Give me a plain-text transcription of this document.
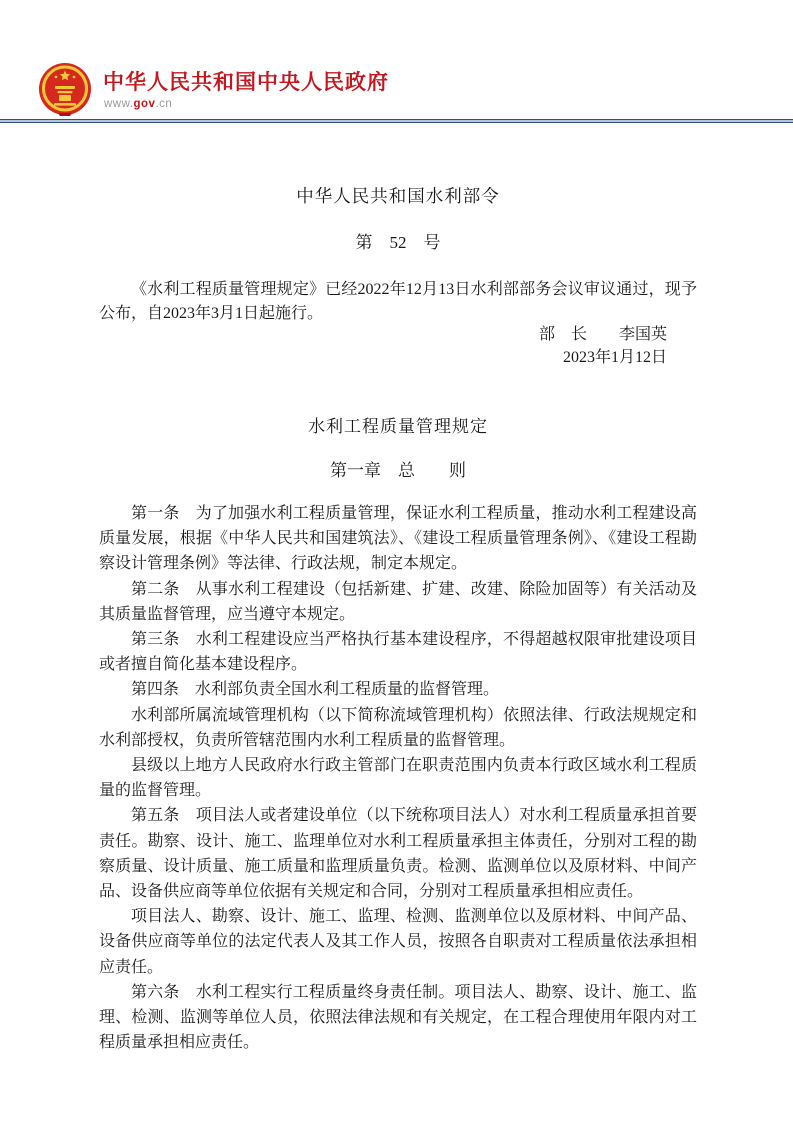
中华人民共和国中央人民政府
www.gov.cn
中华人民共和国水利部令
第　52　号
《水利工程质量管理规定》已经2022年12月13日水利部部务会议审议通过，现予公布，自2023年3月1日起施行。
部　长　　李国英
2023年1月12日
水利工程质量管理规定
第一章　总　　则

第一条　为了加强水利工程质量管理，保证水利工程质量，推动水利工程建设高质量发展，根据《中华人民共和国建筑法》、《建设工程质量管理条例》、《建设工程勘察设计管理条例》等法律、行政法规，制定本规定。

第二条　从事水利工程建设（包括新建、扩建、改建、除险加固等）有关活动及其质量监督管理，应当遵守本规定。

第三条　水利工程建设应当严格执行基本建设程序，不得超越权限审批建设项目或者擅自简化基本建设程序。

第四条　水利部负责全国水利工程质量的监督管理。

水利部所属流域管理机构（以下简称流域管理机构）依照法律、行政法规规定和水利部授权，负责所管辖范围内水利工程质量的监督管理。

县级以上地方人民政府水行政主管部门在职责范围内负责本行政区域水利工程质量的监督管理。

第五条　项目法人或者建设单位（以下统称项目法人）对水利工程质量承担首要责任。勘察、设计、施工、监理单位对水利工程质量承担主体责任，分别对工程的勘察质量、设计质量、施工质量和监理质量负责。检测、监测单位以及原材料、中间产品、设备供应商等单位依据有关规定和合同，分别对工程质量承担相应责任。

项目法人、勘察、设计、施工、监理、检测、监测单位以及原材料、中间产品、设备供应商等单位的法定代表人及其工作人员，按照各自职责对工程质量依法承担相应责任。

第六条　水利工程实行工程质量终身责任制。项目法人、勘察、设计、施工、监理、检测、监测等单位人员，依照法律法规和有关规定，在工程合理使用年限内对工程质量承担相应责任。
